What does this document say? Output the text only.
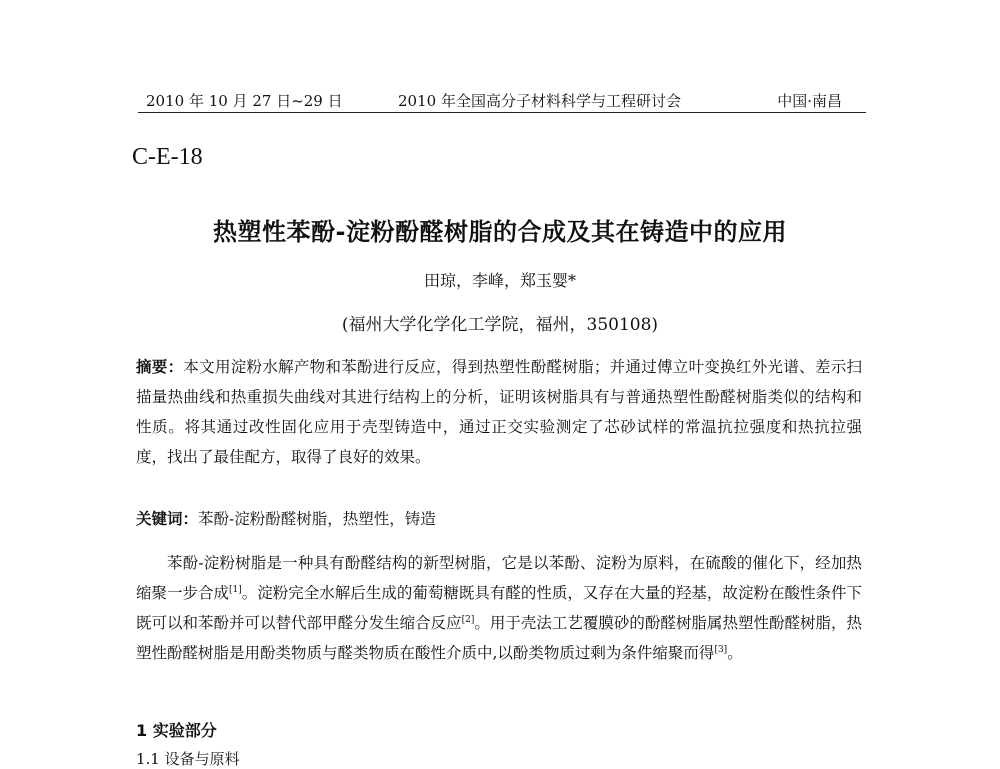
2010 年 10 月 27 日~29 日	2010 年全国高分子材料科学与工程研讨会	中国·南昌
C-E-18
热塑性苯酚-淀粉酚醛树脂的合成及其在铸造中的应用
田琼，李峰，郑玉婴*
(福州大学化学化工学院，福州，350108)
摘要：本文用淀粉水解产物和苯酚进行反应，得到热塑性酚醛树脂；并通过傅立叶变换红外光谱、差示扫描量热曲线和热重损失曲线对其进行结构上的分析，证明该树脂具有与普通热塑性酚醛树脂类似的结构和性质。将其通过改性固化应用于壳型铸造中，通过正交实验测定了芯砂试样的常温抗拉强度和热抗拉强度，找出了最佳配方，取得了良好的效果。
关键词：苯酚-淀粉酚醛树脂，热塑性，铸造
苯酚-淀粉树脂是一种具有酚醛结构的新型树脂，它是以苯酚、淀粉为原料，在硫酸的催化下，经加热缩聚一步合成[1]。淀粉完全水解后生成的葡萄糖既具有醛的性质，又存在大量的羟基，故淀粉在酸性条件下既可以和苯酚并可以替代部甲醛分发生缩合反应[2]。用于壳法工艺覆膜砂的酚醛树脂属热塑性酚醛树脂，热塑性酚醛树脂是用酚类物质与醛类物质在酸性介质中,以酚类物质过剩为条件缩聚而得[3]。
1 实验部分
1.1 设备与原料
